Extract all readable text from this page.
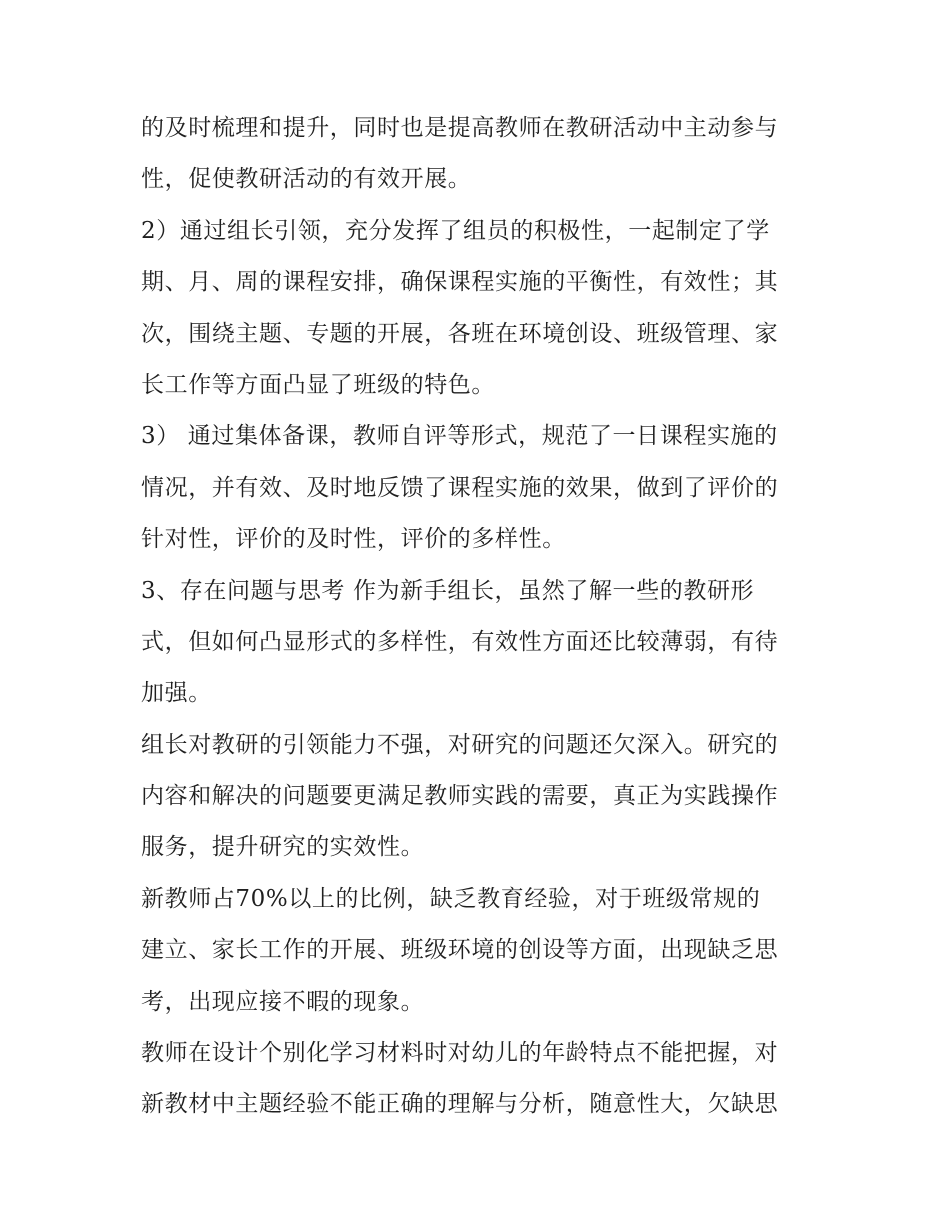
的及时梳理和提升，同时也是提高教师在教研活动中主动参与
性，促使教研活动的有效开展。
2）通过组长引领，充分发挥了组员的积极性，一起制定了学
期、月、周的课程安排，确保课程实施的平衡性，有效性；其
次，围绕主题、专题的开展，各班在环境创设、班级管理、家
长工作等方面凸显了班级的特色。
3） 通过集体备课，教师自评等形式，规范了一日课程实施的
情况，并有效、及时地反馈了课程实施的效果，做到了评价的
针对性，评价的及时性，评价的多样性。
3、存在问题与思考 作为新手组长，虽然了解一些的教研形
式，但如何凸显形式的多样性，有效性方面还比较薄弱，有待
加强。
组长对教研的引领能力不强，对研究的问题还欠深入。研究的
内容和解决的问题要更满足教师实践的需要，真正为实践操作
服务，提升研究的实效性。
新教师占70%以上的比例，缺乏教育经验，对于班级常规的
建立、家长工作的开展、班级环境的创设等方面，出现缺乏思
考，出现应接不暇的现象。
教师在设计个别化学习材料时对幼儿的年龄特点不能把握，对
新教材中主题经验不能正确的理解与分析，随意性大，欠缺思
